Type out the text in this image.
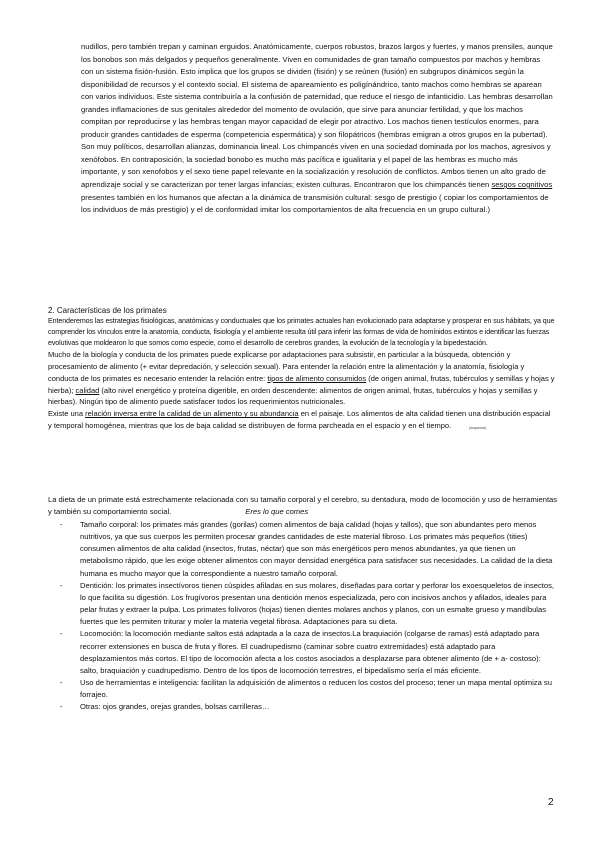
nudillos, pero también trepan y caminan erguidos. Anatómicamente, cuerpos robustos, brazos largos y fuertes, y manos prensiles, aunque los bonobos son más delgados y pequeños generalmente. Viven en comunidades de gran tamaño compuestos por machos y hembras con un sistema fisión-fusión. Esto implica que los grupos se dividen (fisión) y se reúnen (fusión) en subgrupos dinámicos según la disponibilidad de recursos y el contexto social. El sistema de apareamiento es poligínándrico, tanto machos como hembras se aparean con varios individuos. Este sistema contribuiría a la confusión de paternidad, que reduce el riesgo de infanticidio. Las hembras desarrollan grandes inflamaciones de sus genitales alrededor del momento de ovulación, que sirve para anunciar fertilidad, y que los machos compitan por reproducirse y las hembras tengan mayor capacidad de elegir por atractivo. Los machos tienen testículos enormes, para producir grandes cantidades de esperma (competencia espermática) y son filopátricos (hembras emigran a otros grupos en la pubertad). Son muy políticos, desarrollan alianzas, dominancia lineal. Los chimpancés viven en una sociedad dominada por los machos, agresivos y xenófobos. En contraposición, la sociedad bonobo es mucho más pacífica e igualitaria y el papel de las hembras es mucho más importante, y son xenofobos y el sexo tiene papel relevante en la socialización y resolución de conflictos. Ambos tienen un alto grado de aprendizaje social y se caracterizan por tener largas infancias; existen culturas. Encontraron que los chimpancés tienen sesgos cognitivos presentes también en los humanos que afectan a la dinámica de transmisión cultural: sesgo de prestigio ( copiar los comportamientos de los individuos de más prestigio) y el de conformidad imitar los comportamientos de alta frecuencia en un grupo cultural.)

2. Características de los primates

Entenderemos las estrategias fisiológicas, anatómicas y conductuales que los primates actuales han evolucionado para adaptarse y prosperar en sus hábitats, ya que comprender los vínculos entre la anatomía, conducta, fisiología y el ambiente resulta útil para inferir las formas de vida de homínidos extintos e identificar las fuerzas evolutivas que moldearon lo que somos como especie, como el desarrollo de cerebros grandes, la evolución de la tecnología y la bipedestación.

Mucho de la biología y conducta de los primates puede explicarse por adaptaciones para subsistir, en particular a la búsqueda, obtención y procesamiento de alimento (+ evitar depredación, y selección sexual). Para entender la relación entre la alimentación y la anatomía, fisiología y conducta de los primates es necesario entender la relación entre: tipos de alimento consumidos (de origen animal, frutas, tubérculos y semillas y hojas y hierba); calidad (alto nivel energético y proteína digerible, en orden descendente: alimentos de origen animal, frutas, tubérculos y hojas y semillas y hierbas). Ningún tipo de alimento puede satisfacer todos los requerimientos nutricionales.

Existe una relación inversa entre la calidad de un alimento y su abundancia en el paisaje. Los alimentos de alta calidad tienen una distribución espacial y temporal homogénea, mientras que los de baja calidad se distribuyen de forma parcheada en el espacio y en el tiempo.	(esquema)

La dieta de un primate está estrechamente relacionada con su tamaño corporal y el cerebro, su dentadura, modo de locomoción y uso de herramientas y también su comportamiento social.	Eres lo que comes

- Tamaño corporal: los primates más grandes (gorilas) comen alimentos de baja calidad (hojas y tallos), que son abundantes pero menos nutritivos, ya que sus cuerpos les permiten procesar grandes cantidades de este material fibroso. Los primates más pequeños (tities) consumen alimentos de alta calidad (insectos, frutas, néctar) que son más energéticos pero menos abundantes, ya que tienen un metabolismo rápido, que les exige obtener alimentos con mayor densidad energética para satisfacer sus necesidades. La calidad de la dieta humana es mucho mayor que la correspondiente a nuestro tamaño corporal.
- Dentición: los primates insectívoros tienen cúspides afiladas en sus molares, diseñadas para cortar y perforar los exoesqueletos de insectos, lo que facilita su digestión. Los frugívoros presentan una dentición menos especializada, pero con incisivos anchos y afilados, ideales para pelar frutas y extraer la pulpa. Los primates folívoros (hojas) tienen dientes molares anchos y planos, con un esmalte grueso y mandíbulas fuertes que les permiten triturar y moler la materia vegetal fibrosa. Adaptaciones para su dieta.
- Locomoción: la locomoción mediante saltos está adaptada a la caza de insectos.La braquiación (colgarse de ramas) está adaptado para recorrer extensiones en busca de fruta y flores. El cuadrupedismo (caminar sobre cuatro extremidades) está adaptado para desplazamientos más cortos. El tipo de locomoción afecta a los costos asociados a desplazarse para obtener alimento (de + a- costoso): salto, braquiación y cuadrupedismo. Dentro de los tipos de locomoción terrestres, el bipedalismo sería el más eficiente.
- Uso de herramientas e inteligencia: facilitan la adquisición de alimentos o reducen los costos del proceso; tener un mapa mental optimiza su forrajeo.
- Otras: ojos grandes, orejas grandes, bolsas carrilleras…
2
